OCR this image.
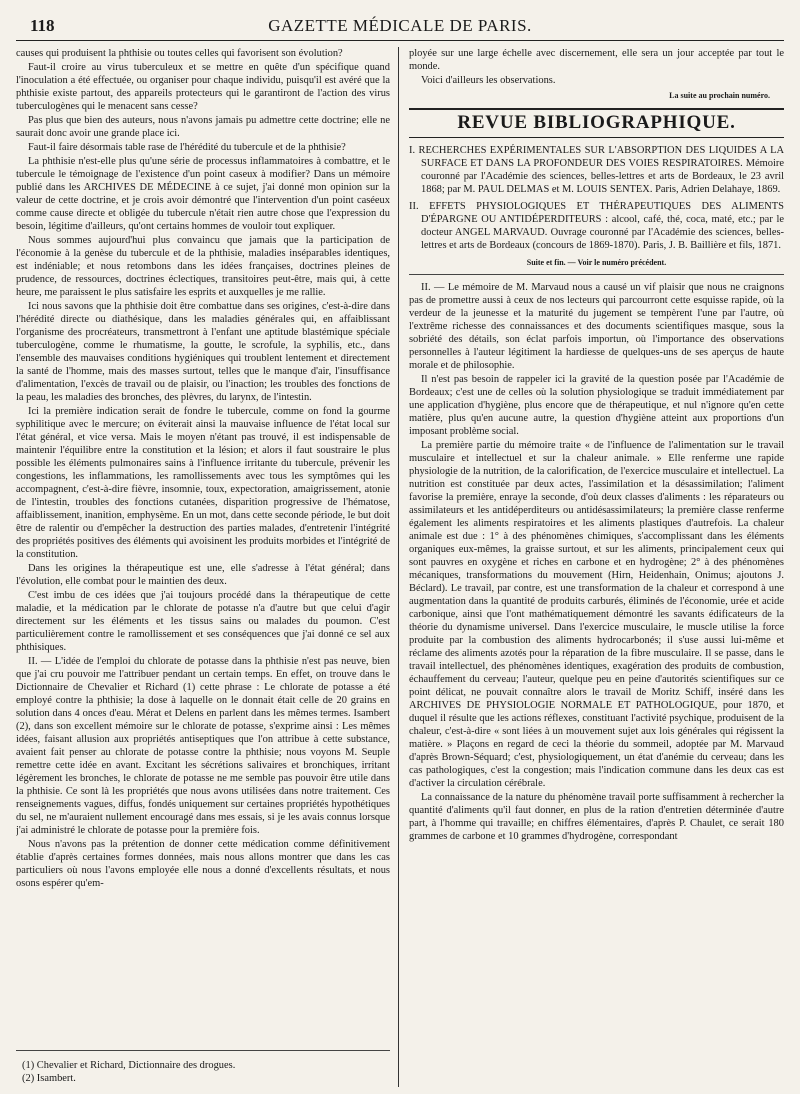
118	GAZETTE MÉDICALE DE PARIS.

causes qui produisent la phthisie ou toutes celles qui favorisent son évolution?

Faut-il croire au virus tuberculeux et se mettre en quête d'un spécifique quand l'inoculation a été effectuée, ou organiser pour chaque individu, puisqu'il est avéré que la phthisie existe partout, des appareils protecteurs qui le garantiront de l'action des virus tuberculogènes qui le menacent sans cesse?

Pas plus que bien des auteurs, nous n'avons jamais pu admettre cette doctrine; elle ne saurait donc avoir une grande place ici.

Faut-il faire désormais table rase de l'hérédité du tubercule et de la phthisie?

La phthisie n'est-elle plus qu'une série de processus inflammatoires à combattre, et le tubercule le témoignage de l'existence d'un point caseux à modifier? Dans un mémoire publié dans les ARCHIVES DE MÉDECINE à ce sujet, j'ai donné mon opinion sur la valeur de cette doctrine, et je crois avoir démontré que l'intervention d'un point caséeux comme cause directe et obligée du tubercule n'était rien autre chose que l'expression du besoin, légitime d'ailleurs, qu'ont certains hommes de vouloir tout expliquer.

Nous sommes aujourd'hui plus convaincu que jamais que la participation de l'économie à la genèse du tubercule et de la phthisie, maladies inséparables identiques, est indéniable; et nous retombons dans les idées françaises, doctrines pleines de prudence, de ressources, doctrines éclectiques, transitoires peut-être, mais qui, à cette heure, me paraissent le plus satisfaire les esprits et auxquelles je me rallie.

Ici nous savons que la phthisie doit être combattue dans ses origines, c'est-à-dire dans l'hérédité directe ou diathésique, dans les maladies générales qui, en affaiblissant l'organisme des procréateurs, transmettront à l'enfant une aptitude blastémique spéciale tuberculogène, comme le rhumatisme, la goutte, le scrofule, la syphilis, etc., dans l'ensemble des mauvaises conditions hygiéniques qui troublent lentement et directement la santé de l'homme, mais des masses surtout, telles que le manque d'air, l'insuffisance d'alimentation, l'excès de travail ou de plaisir, ou l'inaction; les troubles des fonctions de la peau, les maladies des bronches, des plèvres, du larynx, de l'intestin.

Ici la première indication serait de fondre le tubercule, comme on fond la gourme syphilitique avec le mercure; on éviterait ainsi la mauvaise influence de l'état local sur l'état général, et vice versa. Mais le moyen n'étant pas trouvé, il est indispensable de maintenir l'équilibre entre la constitution et la lésion; et alors il faut soustraire le plus possible les éléments pulmonaires sains à l'influence irritante du tubercule, prévenir les congestions, les inflammations, les ramollissements avec tous les symptômes qui les accompagnent, c'est-à-dire fièvre, insomnie, toux, expectoration, amaigrissement, atonie de l'intestin, troubles des fonctions cutanées, disparition progressive de l'hématose, affaiblissement, inanition, emphysème. En un mot, dans cette seconde période, le but doit être de ralentir ou d'empêcher la destruction des parties malades, d'entretenir l'intégrité des propriétés positives des éléments qui avoisinent les produits morbides et l'intégrité de la constitution.

Dans les origines la thérapeutique est une, elle s'adresse à l'état général; dans l'évolution, elle combat pour le maintien des deux.

C'est imbu de ces idées que j'ai toujours procédé dans la thérapeutique de cette maladie, et la médication par le chlorate de potasse n'a d'autre but que celui d'agir directement sur les éléments et les tissus sains ou malades du poumon. C'est particulièrement contre le ramollissement et ses conséquences que j'ai donné ce sel aux phthisiques.

II. — L'idée de l'emploi du chlorate de potasse dans la phthisie n'est pas neuve, bien que j'ai cru pouvoir me l'attribuer pendant un certain temps. En effet, on trouve dans le Dictionnaire de Chevalier et Richard (1) cette phrase : Le chlorate de potasse a été employé contre la phthisie; la dose à laquelle on le donnait était celle de 20 grains en solution dans 4 onces d'eau. Mérat et Delens en parlent dans les mêmes termes. Isambert (2), dans son excellent mémoire sur le chlorate de potasse, s'exprime ainsi : Les mêmes idées, faisant allusion aux propriétés antiseptiques que l'on attribue à cette substance, avaient fait penser au chlorate de potasse contre la phthisie; nous voyons M. Seuple remettre cette idée en avant. Excitant les sécrétions salivaires et bronchiques, irritant légèrement les bronches, le chlorate de potasse ne me semble pas pouvoir être utile dans la phthisie. Ce sont là les propriétés que nous avons utilisées dans notre traitement. Ces renseignements vagues, diffus, fondés uniquement sur certaines propriétés hypothétiques du sel, ne m'auraient nullement encouragé dans mes essais, si je les avais connus lorsque j'ai administré le chlorate de potasse pour la première fois.

Nous n'avons pas la prétention de donner cette médication comme définitivement établie d'après certaines formes données, mais nous allons montrer que dans les cas particuliers où nous l'avons employée elle nous a donné d'excellents résultats, et nous osons espérer qu'em-

(1) Chevalier et Richard, Dictionnaire des drogues.

(2) Isambert.

ployée sur une large échelle avec discernement, elle sera un jour acceptée par tout le monde.

Voici d'ailleurs les observations.

La suite au prochain numéro.

REVUE BIBLIOGRAPHIQUE.

I. RECHERCHES EXPÉRIMENTALES SUR L'ABSORPTION DES LIQUIDES A LA SURFACE ET DANS LA PROFONDEUR DES VOIES RESPIRATOIRES. Mémoire couronné par l'Académie des sciences, belles-lettres et arts de Bordeaux, le 23 avril 1868; par M. PAUL DELMAS et M. LOUIS SENTEX. Paris, Adrien Delahaye, 1869.

II. EFFETS PHYSIOLOGIQUES ET THÉRAPEUTIQUES DES ALIMENTS D'ÉPARGNE OU ANTIDÉPERDITEURS : alcool, café, thé, coca, maté, etc.; par le docteur ANGEL MARVAUD. Ouvrage couronné par l'Académie des sciences, belles-lettres et arts de Bordeaux (concours de 1869-1870). Paris, J. B. Baillière et fils, 1871.

Suite et fin. — Voir le numéro précédent.

II. — Le mémoire de M. Marvaud nous a causé un vif plaisir que nous ne craignons pas de promettre aussi à ceux de nos lecteurs qui parcourront cette esquisse rapide, où la verdeur de la jeunesse et la maturité du jugement se tempèrent l'une par l'autre, où l'extrême richesse des connaissances et des documents scientifiques masque, sous la sobriété des détails, son éclat parfois importun, où l'importance des observations personnelles à l'auteur légitiment la hardiesse de quelques-uns de ses aperçus de haute morale et de philosophie.

Il n'est pas besoin de rappeler ici la gravité de la question posée par l'Académie de Bordeaux; c'est une de celles où la solution physiologique se traduit immédiatement par une application d'hygiène, plus encore que de thérapeutique, et nul n'ignore qu'en cette matière, plus qu'en aucune autre, la question d'hygiène atteint aux proportions d'un imposant problème social.

La première partie du mémoire traite « de l'influence de l'alimentation sur le travail musculaire et intellectuel et sur la chaleur animale. » Elle renferme une rapide physiologie de la nutrition, de la calorification, de l'exercice musculaire et intellectuel. La nutrition est constituée par deux actes, l'assimilation et la désassimilation; l'aliment favorise la première, enraye la seconde, d'où deux classes d'aliments : les réparateurs ou assimilateurs et les antidéperditeurs ou antidésassimilateurs; la première classe renferme également les aliments respiratoires et les aliments plastiques d'autrefois. La chaleur animale est due : 1° à des phénomènes chimiques, s'accomplissant dans les éléments organiques eux-mêmes, la graisse surtout, et sur les aliments, principalement ceux qui sont pauvres en oxygène et riches en carbone et en hydrogène; 2° à des phénomènes mécaniques, transformations du mouvement (Hirn, Heidenhain, Onimus; ajoutons J. Béclard). Le travail, par contre, est une transformation de la chaleur et correspond à une augmentation dans la quantité de produits carburés, éliminés de l'économie, urée et acide carbonique, ainsi que l'ont mathématiquement démontré les savants édificateurs de la théorie du dynamisme universel. Dans l'exercice musculaire, le muscle utilise la force produite par la combustion des aliments hydrocarbonés; il s'use aussi lui-même et réclame des aliments azotés pour la réparation de la fibre musculaire. Il se passe, dans le travail intellectuel, des phénomènes identiques, exagération des produits de combustion, échauffement du cerveau; l'auteur, quelque peu en peine d'autorités scientifiques sur ce point délicat, ne pouvait connaître alors le travail de Moritz Schiff, inséré dans les ARCHIVES DE PHYSIOLOGIE NORMALE ET PATHOLOGIQUE, pour 1870, et duquel il résulte que les actions réflexes, constituant l'activité psychique, produisent de la chaleur, c'est-à-dire « sont liées à un mouvement sujet aux lois générales qui régissent la matière. » Plaçons en regard de ceci la théorie du sommeil, adoptée par M. Marvaud d'après Brown-Séquard; c'est, physiologiquement, un état d'anémie du cerveau; dans les cas pathologiques, c'est la congestion; mais l'indication commune dans les deux cas est d'activer la circulation cérébrale.

La connaissance de la nature du phénomène travail porte suffisamment à rechercher la quantité d'aliments qu'il faut donner, en plus de la ration d'entretien déterminée d'autre part, à l'homme qui travaille; en chiffres élémentaires, d'après P. Chaulet, ce serait 180 grammes de carbone et 10 grammes d'hydrogène, correspondant
